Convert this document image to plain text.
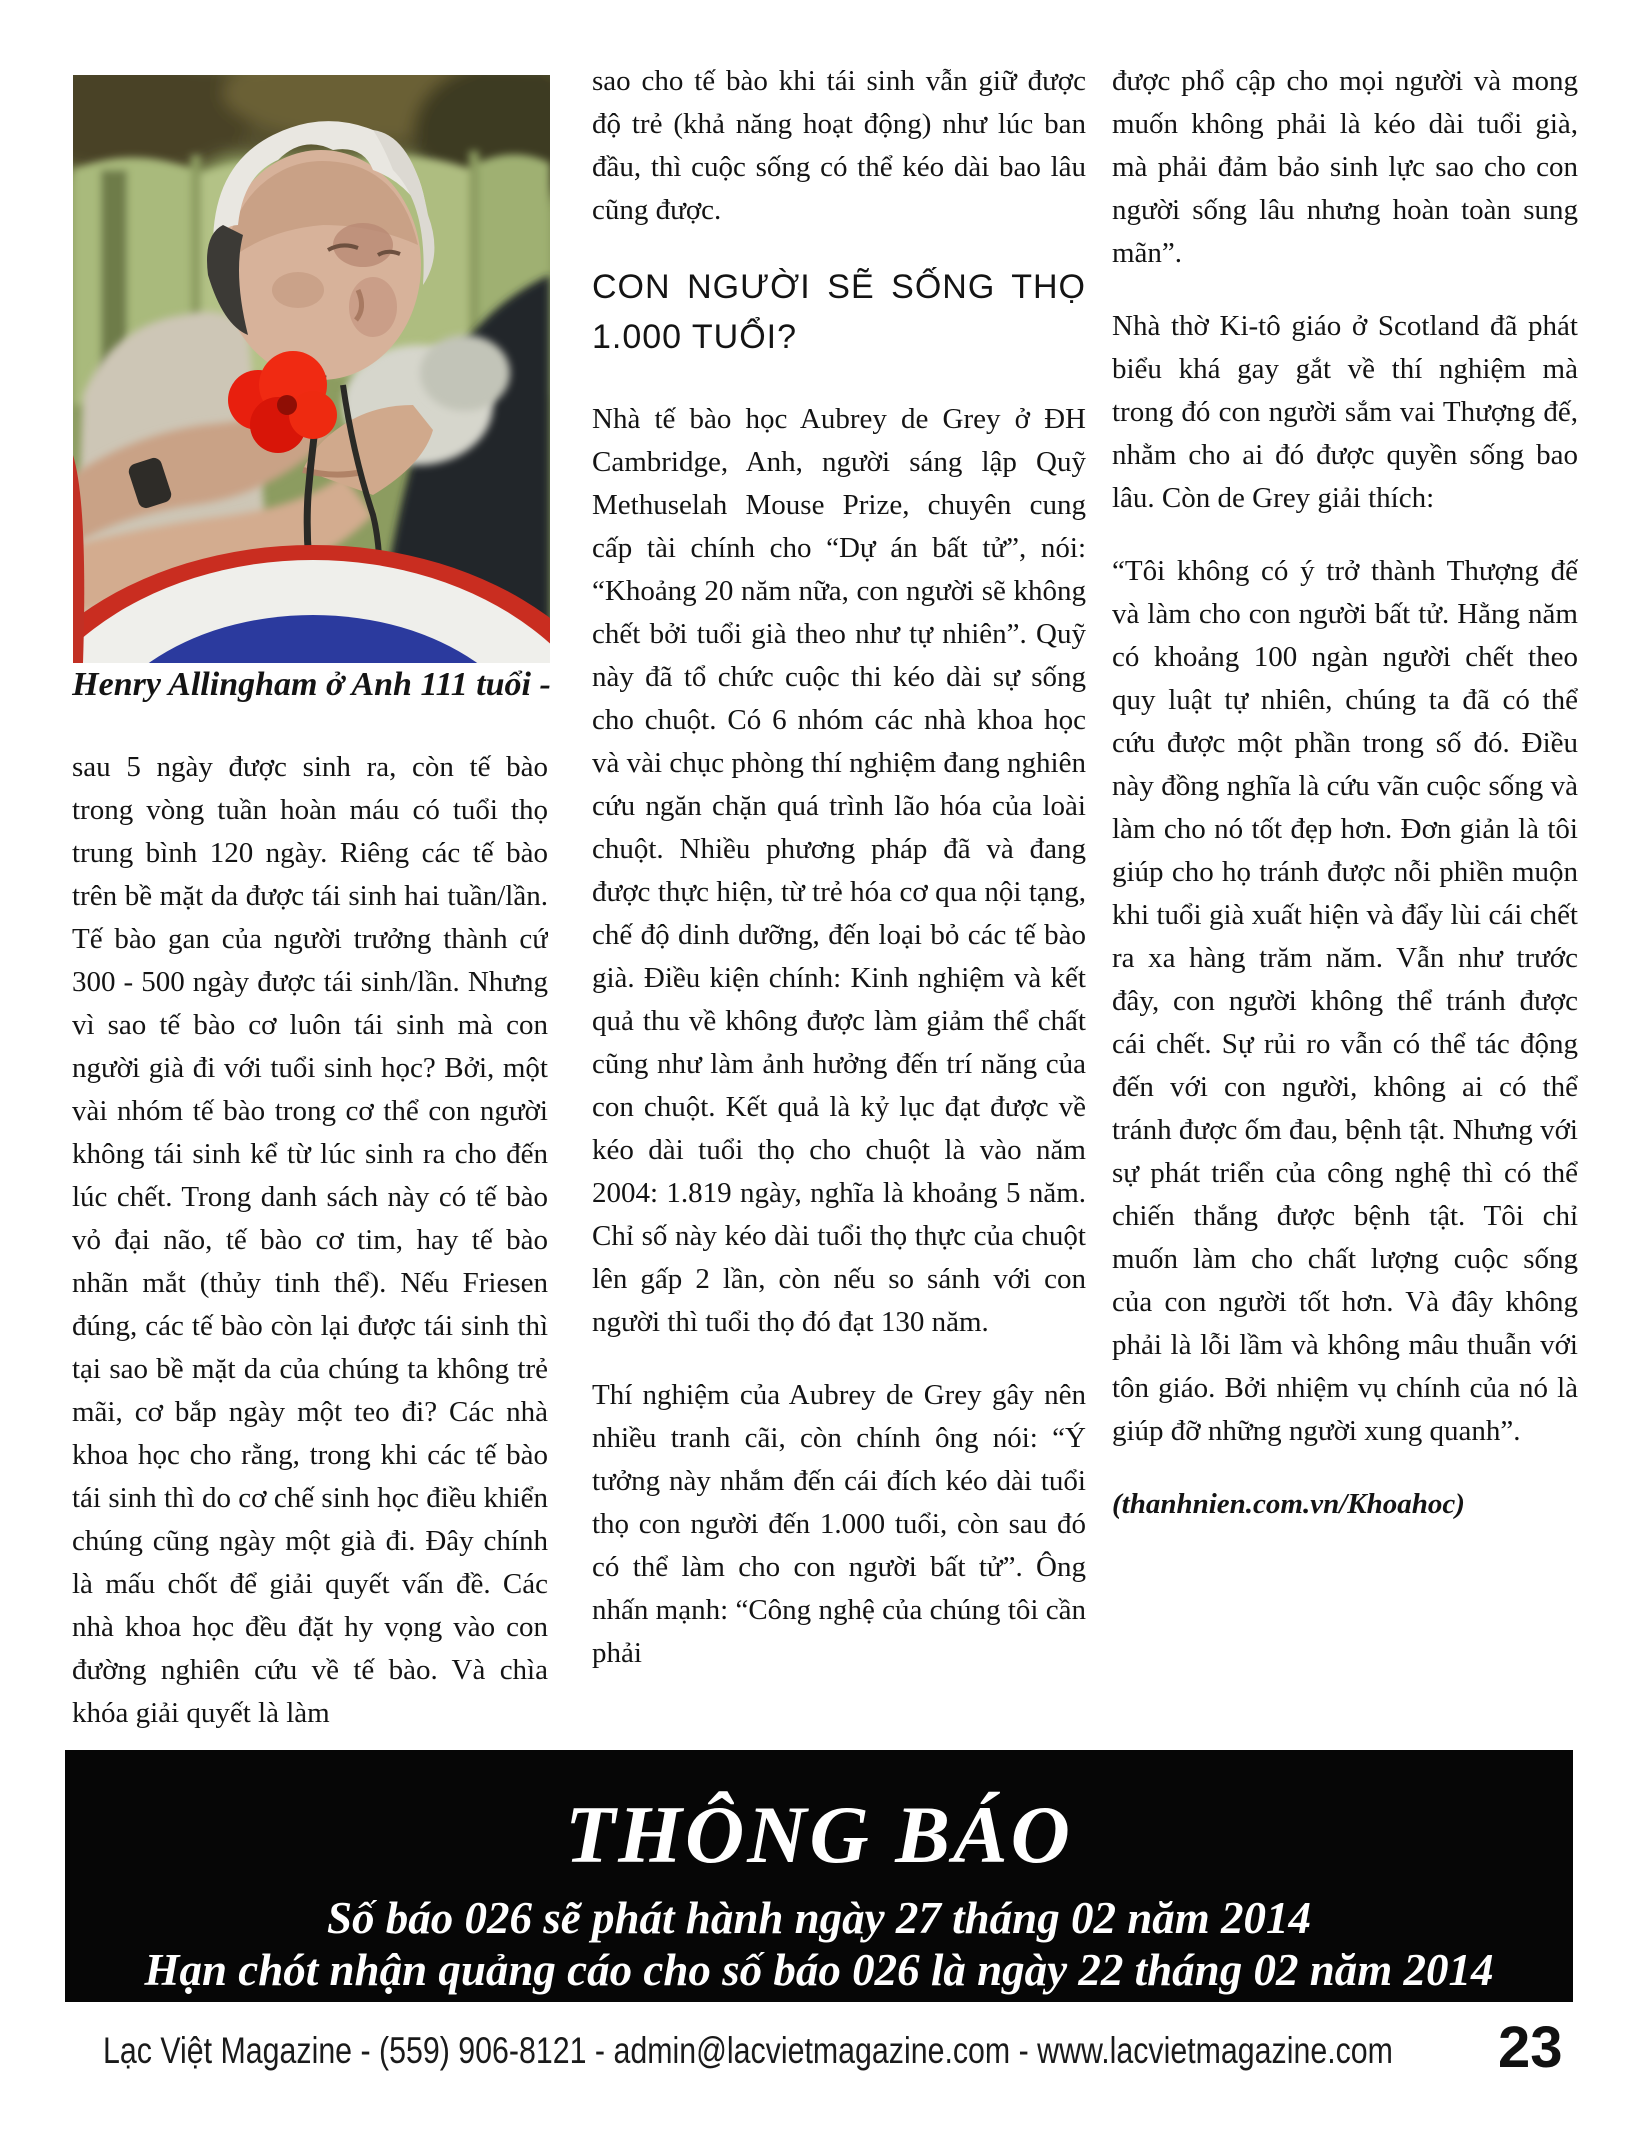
Henry Allingham ở Anh 111 tuổi -

sau 5 ngày được sinh ra, còn tế bào trong vòng tuần hoàn máu có tuổi thọ trung bình 120 ngày. Riêng các tế bào trên bề mặt da được tái sinh hai tuần/lần. Tế bào gan của người trưởng thành cứ 300 - 500 ngày được tái sinh/lần. Nhưng vì sao tế bào cơ luôn tái sinh mà con người già đi với tuổi sinh học? Bởi, một vài nhóm tế bào trong cơ thể con người không tái sinh kể từ lúc sinh ra cho đến lúc chết. Trong danh sách này có tế bào vỏ đại não, tế bào cơ tim, hay tế bào nhãn mắt (thủy tinh thể). Nếu Friesen đúng, các tế bào còn lại được tái sinh thì tại sao bề mặt da của chúng ta không trẻ mãi, cơ bắp ngày một teo đi? Các nhà khoa học cho rằng, trong khi các tế bào tái sinh thì do cơ chế sinh học điều khiển chúng cũng ngày một già đi. Đây chính là mấu chốt để giải quyết vấn đề. Các nhà khoa học đều đặt hy vọng vào con đường nghiên cứu về tế bào. Và chìa khóa giải quyết là làm

sao cho tế bào khi tái sinh vẫn giữ được độ trẻ (khả năng hoạt động) như lúc ban đầu, thì cuộc sống có thể kéo dài bao lâu cũng được.

CON NGƯỜI SẼ SỐNG THỌ 1.000 TUỔI?

Nhà tế bào học Aubrey de Grey ở ĐH Cambridge, Anh, người sáng lập Quỹ Methuselah Mouse Prize, chuyên cung cấp tài chính cho “Dự án bất tử”, nói: “Khoảng 20 năm nữa, con người sẽ không chết bởi tuổi già theo như tự nhiên”. Quỹ này đã tổ chức cuộc thi kéo dài sự sống cho chuột. Có 6 nhóm các nhà khoa học và vài chục phòng thí nghiệm đang nghiên cứu ngăn chặn quá trình lão hóa của loài chuột. Nhiều phương pháp đã và đang được thực hiện, từ trẻ hóa cơ qua nội tạng, chế độ dinh dưỡng, đến loại bỏ các tế bào già. Điều kiện chính: Kinh nghiệm và kết quả thu về không được làm giảm thể chất cũng như làm ảnh hưởng đến trí năng của con chuột. Kết quả là kỷ lục đạt được về kéo dài tuổi thọ cho chuột là vào năm 2004: 1.819 ngày, nghĩa là khoảng 5 năm. Chỉ số này kéo dài tuổi thọ thực của chuột lên gấp 2 lần, còn nếu so sánh với con người thì tuổi thọ đó đạt 130 năm.

Thí nghiệm của Aubrey de Grey gây nên nhiều tranh cãi, còn chính ông nói: “Ý tưởng này nhắm đến cái đích kéo dài tuổi thọ con người đến 1.000 tuổi, còn sau đó có thể làm cho con người bất tử”. Ông nhấn mạnh: “Công nghệ của chúng tôi cần phải

được phổ cập cho mọi người và mong muốn không phải là kéo dài tuổi già, mà phải đảm bảo sinh lực sao cho con người sống lâu nhưng hoàn toàn sung mãn”.

Nhà thờ Ki-tô giáo ở Scotland đã phát biểu khá gay gắt về thí nghiệm mà trong đó con người sắm vai Thượng đế, nhằm cho ai đó được quyền sống bao lâu. Còn de Grey giải thích:

“Tôi không có ý trở thành Thượng đế và làm cho con người bất tử. Hằng năm có khoảng 100 ngàn người chết theo quy luật tự nhiên, chúng ta đã có thể cứu được một phần trong số đó. Điều này đồng nghĩa là cứu vãn cuộc sống và làm cho nó tốt đẹp hơn. Đơn giản là tôi giúp cho họ tránh được nỗi phiền muộn khi tuổi già xuất hiện và đẩy lùi cái chết ra xa hàng trăm năm. Vẫn như trước đây, con người không thể tránh được cái chết. Sự rủi ro vẫn có thể tác động đến với con người, không ai có thể tránh được ốm đau, bệnh tật. Nhưng với sự phát triển của công nghệ thì có thể chiến thắng được bệnh tật. Tôi chỉ muốn làm cho chất lượng cuộc sống của con người tốt hơn. Và đây không phải là lỗi lầm và không mâu thuẫn với tôn giáo. Bởi nhiệm vụ chính của nó là giúp đỡ những người xung quanh”.

(thanhnien.com.vn/Khoahoc)

THÔNG BÁO
Số báo 026 sẽ phát hành ngày 27 tháng 02 năm 2014
Hạn chót nhận quảng cáo cho số báo 026 là ngày 22 tháng 02 năm 2014
Lạc Việt Magazine - (559) 906-8121 - admin@lacvietmagazine.com - www.lacvietmagazine.com 23
